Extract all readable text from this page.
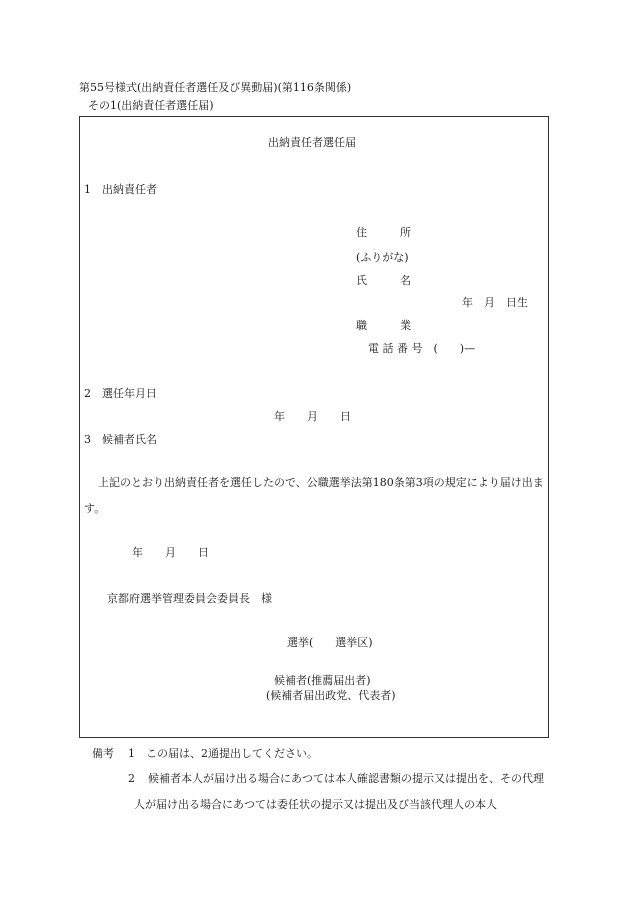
第55号様式(出納責任者選任及び異動届)(第116条関係)
その1(出納責任者選任届)
出納責任者選任届
1　出納責任者
住　　　所
(ふりがな)
氏　　　名
年　月　日生
職　　　業
電 話 番 号　(　　)—
2　選任年月日
年　　月　　日
3　候補者氏名
上記のとおり出納責任者を選任したので、公職選挙法第180条第3項の規定により届け出ます。
年　　月　　日
京都府選挙管理委員会委員長　様
選挙(　　選挙区)
候補者(推薦届出者)
(候補者届出政党、代表者)
備考 1 この届は、2通提出してください。
2	候補者本人が届け出る場合にあつては本人確認書類の提示又は提出を、その代理人が届け出る場合にあつては委任状の提示又は提出及び当該代理人の本人
